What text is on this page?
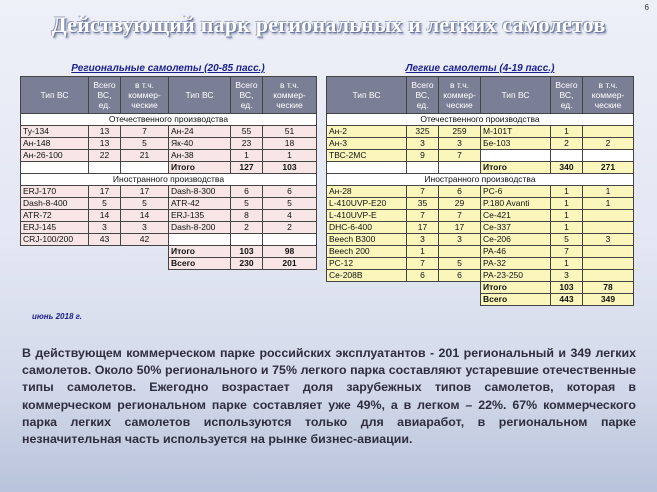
6
Действующий парк региональных и легких самолетов
Региональные самолеты (20-85 пасс.)	Легкие самолеты (4-19 пасс.)
Тип ВС	Всего ВС, ед.	в т.ч. коммер-ческие	Тип ВС	Всего ВС, ед.	в т.ч. коммер-ческие
Отечественного производства					
Ту-134	13	7	Ан-24	55	51
Ан-148	13	5	Як-40	23	18
Ан-26-100	22	21	Ан-38	1	1
			Итого	127	103
Иностранного производства					
ERJ-170	17	17	Dash-8-300	6	6
Dash-8-400	5	5	ATR-42	5	5
ATR-72	14	14	ERJ-135	8	4
ERJ-145	3	3	Dash-8-200	2	2
CRJ-100/200	43	42			
			Итого	103	98
			Всего	230	201
Тип ВС	Всего ВС, ед.	в т.ч. коммер-ческие	Тип ВС	Всего ВС, ед.	в т.ч. коммер-ческие
Отечественного производства					
Ан-2	325	259	M-101T	1	
Ан-3	3	3	Бе-103	2	2
ТВС-2МС	9	7			
			Итого	340	271
Иностранного производства					
Ан-28	7	6	PC-6	1	1
L-410UVP-E20	35	29	P.180 Avanti	1	1
L-410UVP-E	7	7	Ce-421	1	
DHC-6-400	17	17	Ce-337	1	
Beech B300	3	3	Ce-206	5	3
Beech 200	1		PA-46	7	
PC-12	7	5	PA-32	1	
Ce-208B	6	6	PA-23-250	3	
			Итого	103	78
			Всего	443	349
июнь 2018 г.
В действующем коммерческом парке российских эксплуатантов - 201 региональный и 349 легких самолетов. Около 50% регионального и 75% легкого парка составляют устаревшие отечественные типы самолетов. Ежегодно возрастает доля зарубежных типов самолетов, которая в коммерческом региональном парке составляет уже 49%, а в легком – 22%. 67% коммерческого парка легких самолетов используются только для авиаработ, в региональном парке незначительная часть используется на рынке бизнес-авиации.
